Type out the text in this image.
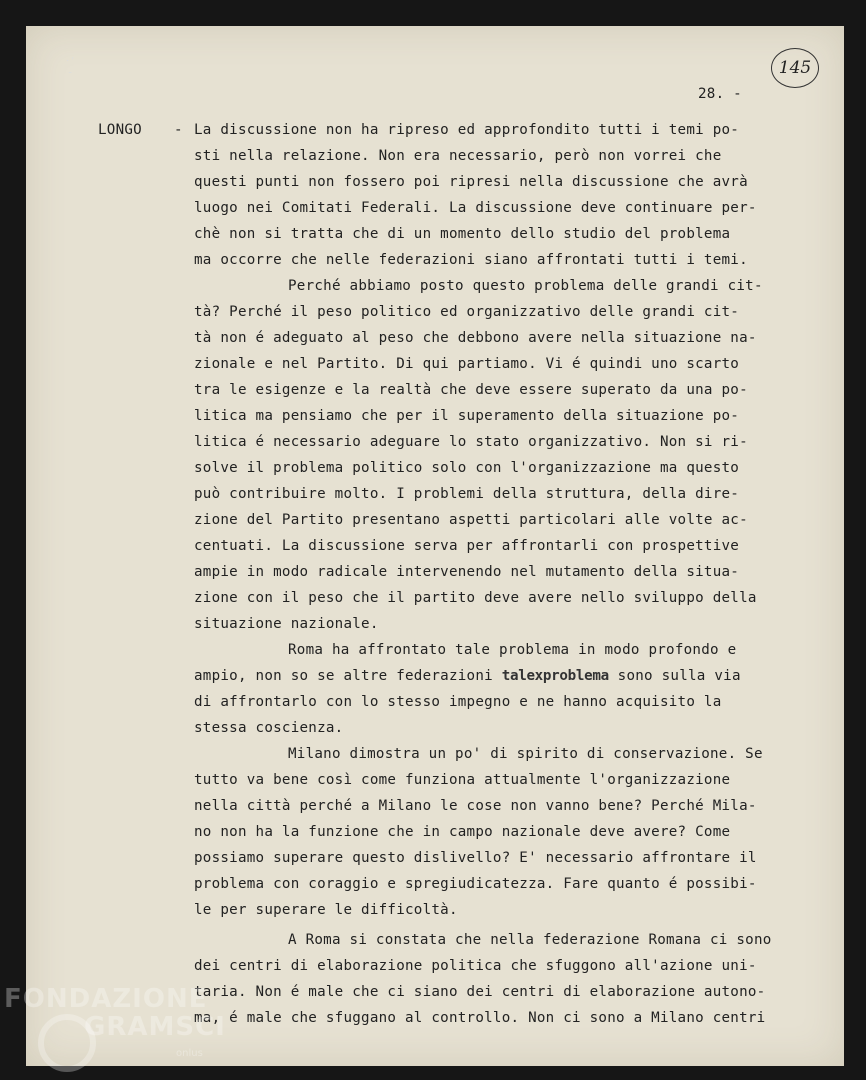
· '
-	145
28. -
LONGO - La discussione non ha ripreso ed approfondito tutti i temi po-
sti nella relazione. Non era necessario, però non vorrei che
questi punti non fossero poi ripresi nella discussione che avrà
luogo nei Comitati Federali. La discussione deve continuare per-
chè non si tratta che di un momento dello studio del problema
ma occorre che nelle federazioni siano affrontati tutti i temi.
Perché abbiamo posto questo problema delle grandi cit-
tà? Perché il peso politico ed organizzativo delle grandi cit-
tà non é adeguato al peso che debbono avere nella situazione na-
zionale e nel Partito. Di qui partiamo. Vi é quindi uno scarto
tra le esigenze e la realtà che deve essere superato da una po-
litica ma pensiamo che per il superamento della situazione po-
litica é necessario adeguare lo stato organizzativo. Non si ri-
solve il problema politico solo con l'organizzazione ma questo
può contribuire molto. I problemi della struttura, della dire-
zione del Partito presentano aspetti particolari alle volte ac-
centuati. La discussione serva per affrontarli con prospettive
ampie in modo radicale intervenendo nel mutamento della situa-
zione con il peso che il partito deve avere nello sviluppo della
situazione nazionale.
Roma ha affrontato tale problema in modo profondo e
ampio, non so se altre federazioni talexproblema sono sulla via
di affrontarlo con lo stesso impegno e ne hanno acquisito la
stessa coscienza.
Milano dimostra un po' di spirito di conservazione. Se
tutto va bene così come funziona attualmente l'organizzazione
nella città perché a Milano le cose non vanno bene? Perché Mila-
no non ha la funzione che in campo nazionale deve avere? Come
possiamo superare questo dislivello? E' necessario affrontare il
problema con coraggio e spregiudicatezza. Fare quanto é possibi-
le per superare le difficoltà.
A Roma si constata che nella federazione Romana ci sono
dei centri di elaborazione politica che sfuggono all'azione uni-
taria. Non é male che ci siano dei centri di elaborazione autono-
ma, é male che sfuggano al controllo. Non ci sono a Milano centri
FONDAZIONE
GRAMSCI
onlus
